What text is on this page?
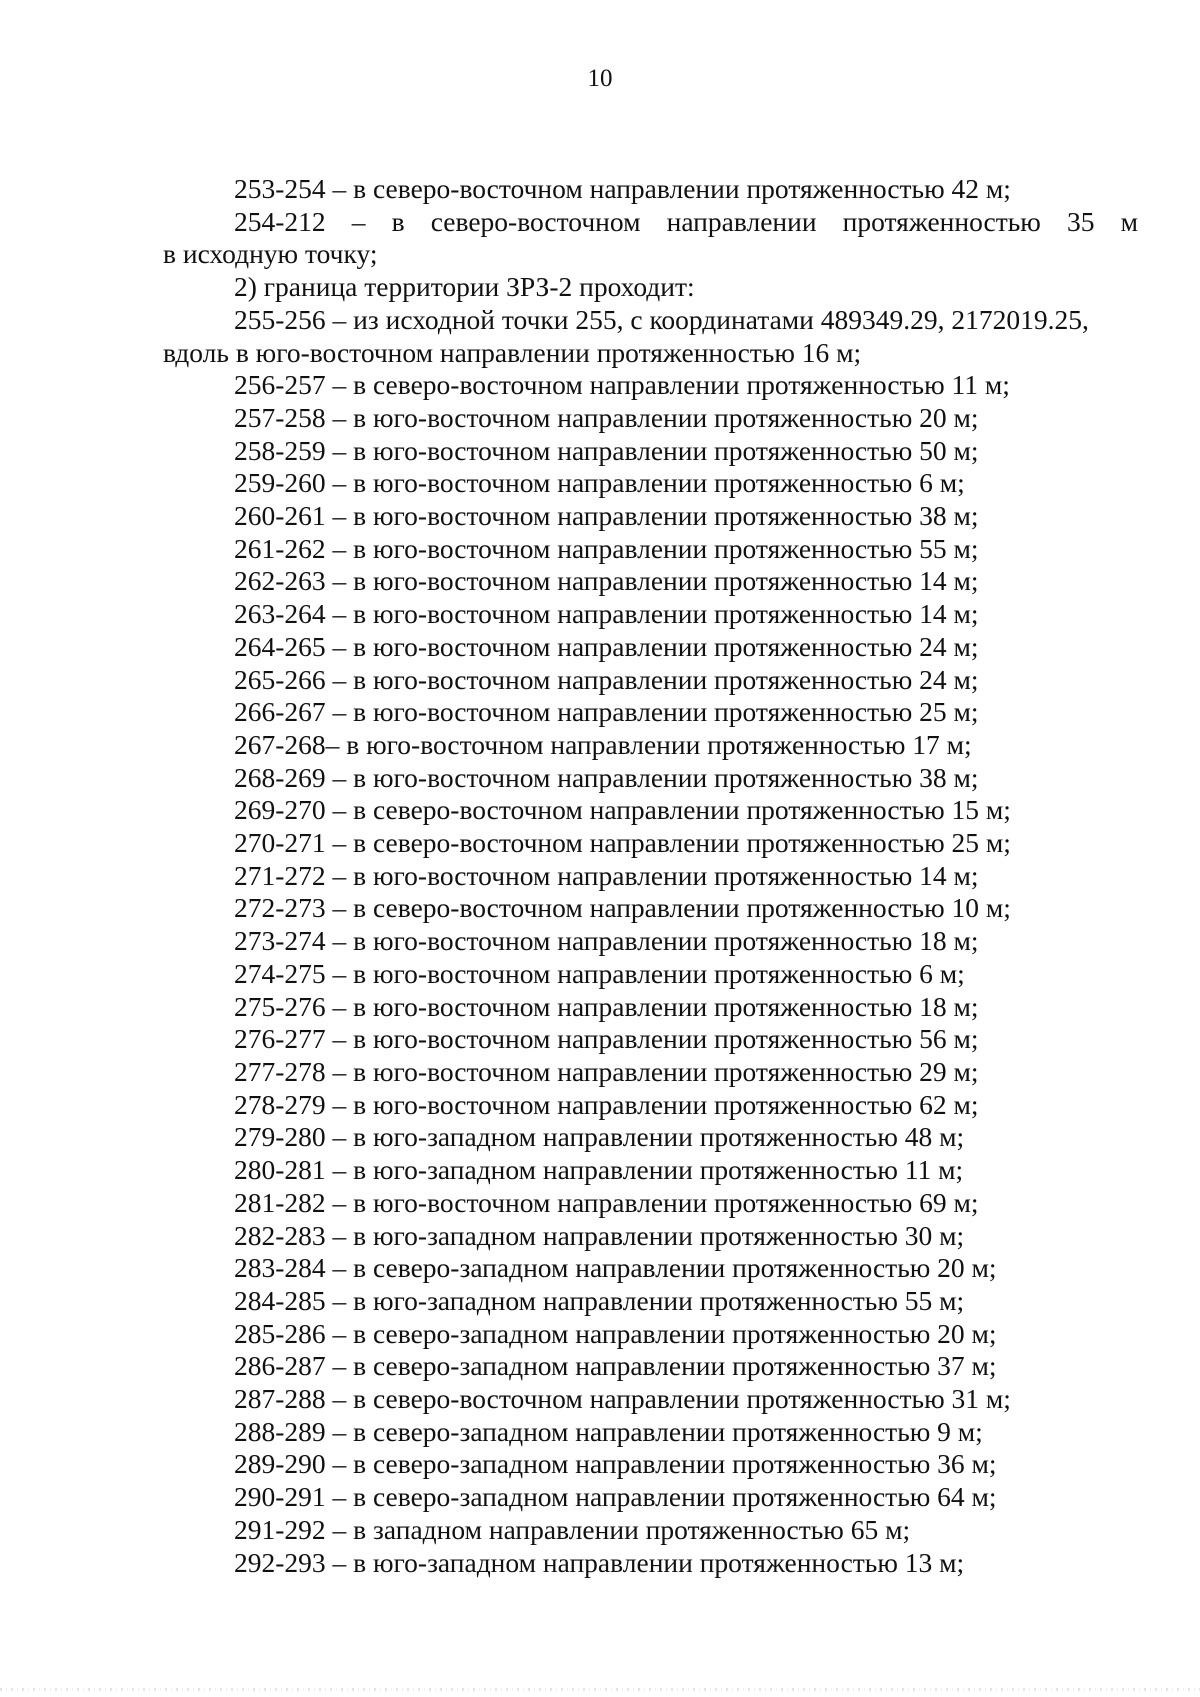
10
253-254 – в северо-восточном направлении протяженностью 42 м;
254-212 – в северо-восточном направлении протяженностью 35 м
в исходную точку;
2) граница территории ЗРЗ-2 проходит:
255-256 – из исходной точки 255, с координатами 489349.29, 2172019.25,
вдоль в юго-восточном направлении протяженностью 16 м;
256-257 – в северо-восточном направлении протяженностью 11 м;
257-258 – в юго-восточном направлении протяженностью 20 м;
258-259 – в юго-восточном направлении протяженностью 50 м;
259-260 – в юго-восточном направлении протяженностью 6 м;
260-261 – в юго-восточном направлении протяженностью 38 м;
261-262 – в юго-восточном направлении протяженностью 55 м;
262-263 – в юго-восточном направлении протяженностью 14 м;
263-264 – в юго-восточном направлении протяженностью 14 м;
264-265 – в юго-восточном направлении протяженностью 24 м;
265-266 – в юго-восточном направлении протяженностью 24 м;
266-267 – в юго-восточном направлении протяженностью 25 м;
267-268– в юго-восточном направлении протяженностью 17 м;
268-269 – в юго-восточном направлении протяженностью 38 м;
269-270 – в северо-восточном направлении протяженностью 15 м;
270-271 – в северо-восточном направлении протяженностью 25 м;
271-272 – в юго-восточном направлении протяженностью 14 м;
272-273 – в северо-восточном направлении протяженностью 10 м;
273-274 – в юго-восточном направлении протяженностью 18 м;
274-275 – в юго-восточном направлении протяженностью 6 м;
275-276 – в юго-восточном направлении протяженностью 18 м;
276-277 – в юго-восточном направлении протяженностью 56 м;
277-278 – в юго-восточном направлении протяженностью 29 м;
278-279 – в юго-восточном направлении протяженностью 62 м;
279-280 – в юго-западном направлении протяженностью 48 м;
280-281 – в юго-западном направлении протяженностью 11 м;
281-282 – в юго-восточном направлении протяженностью 69 м;
282-283 – в юго-западном направлении протяженностью 30 м;
283-284 – в северо-западном направлении протяженностью 20 м;
284-285 – в юго-западном направлении протяженностью 55 м;
285-286 – в северо-западном направлении протяженностью 20 м;
286-287 – в северо-западном направлении протяженностью 37 м;
287-288 – в северо-восточном направлении протяженностью 31 м;
288-289 – в северо-западном направлении протяженностью 9 м;
289-290 – в северо-западном направлении протяженностью 36 м;
290-291 – в северо-западном направлении протяженностью 64 м;
291-292 – в западном направлении протяженностью 65 м;
292-293 – в юго-западном направлении протяженностью 13 м;
